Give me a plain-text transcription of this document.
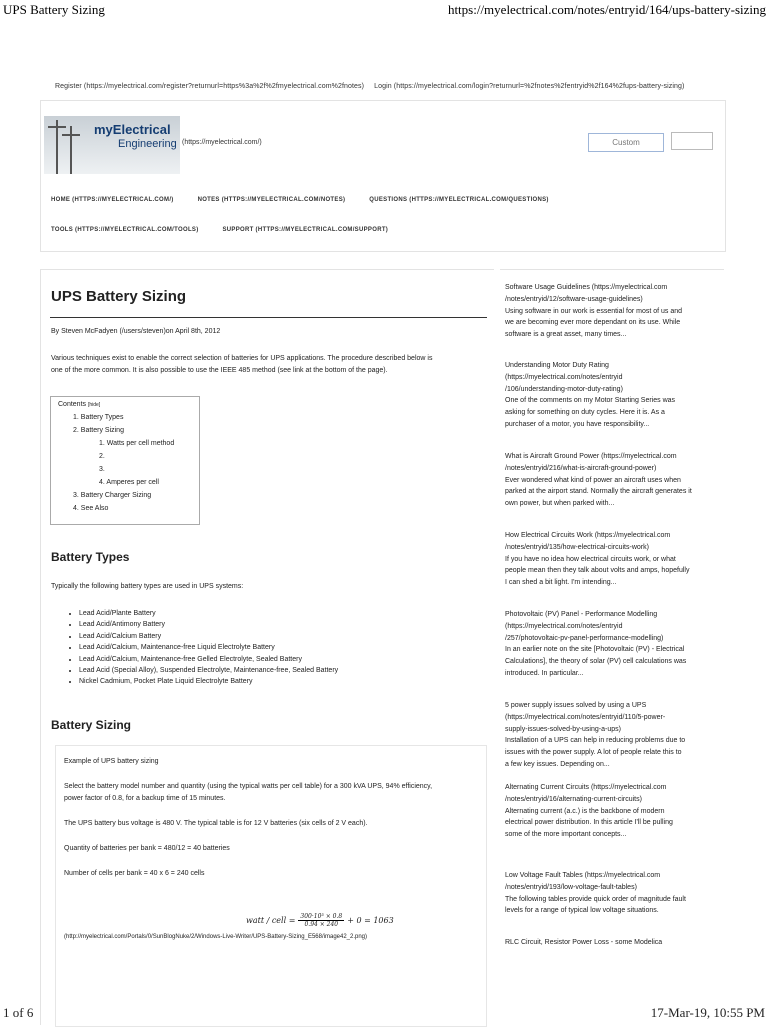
UPS Battery Sizing	https://myelectrical.com/notes/entryid/164/ups-battery-sizing
1 of 6	17-Mar-19, 10:55 PM
Register (https://myelectrical.com/register?returnurl=https%3a%2f%2fmyelectrical.com%2fnotes) Login (https://myelectrical.com/login?returnurl=%2fnotes%2fentryid%2f164%2fups-battery-sizing)
myElectrical
Engineering (https://myelectrical.com/)	Custom
HOME (HTTPS://MYELECTRICAL.COM/)	NOTES (HTTPS://MYELECTRICAL.COM/NOTES)	QUESTIONS (HTTPS://MYELECTRICAL.COM/QUESTIONS)
TOOLS (HTTPS://MYELECTRICAL.COM/TOOLS)	SUPPORT (HTTPS://MYELECTRICAL.COM/SUPPORT)
UPS Battery Sizing
By Steven McFadyen (/users/steven)on April 8th, 2012
Various techniques exist to enable the correct selection of batteries for UPS applications. The procedure described below is
one of the more common. It is also possible to use the IEEE 485 method (see link at the bottom of the page).
Contents [hide]
1. Battery Types
2. Battery Sizing
1. Watts per cell method
2.
3.
4. Amperes per cell
3. Battery Charger Sizing
4. See Also
Battery Types
Typically the following battery types are used in UPS systems:
• Lead Acid/Plante Battery
• Lead Acid/Antimony Battery
• Lead Acid/Calcium Battery
• Lead Acid/Calcium, Maintenance-free Liquid Electrolyte Battery
• Lead Acid/Calcium, Maintenance-free Gelled Electrolyte, Sealed Battery
• Lead Acid (Special Alloy), Suspended Electrolyte, Maintenance-free, Sealed Battery
• Nickel Cadmium, Pocket Plate Liquid Electrolyte Battery
Battery Sizing
Example of UPS battery sizing
Select the battery model number and quantity (using the typical watts per cell table) for a 300 kVA UPS, 94% efficiency,
power factor of 0.8, for a backup time of 15 minutes.
The UPS battery bus voltage is 480 V. The typical table is for 12 V batteries (six cells of 2 V each).
Quantity of batteries per bank = 480/12 = 40 batteries
Number of cells per bank = 40 x 6 = 240 cells
watt / cell = $\frac{\text{300·10³ × 0.8}}{0.94 \times 240} + 0 = 1063$
(http://myelectrical.com/Portals/0/SunBlogNuke/2/Windows-Live-Writer/UPS-Battery-Sizing_E568/image42_2.png)
Software Usage Guidelines (https://myelectrical.com
/notes/entryid/12/software-usage-guidelines)
Using software in our work is essential for most of us and
we are becoming ever more dependant on its use. While
software is a great asset, many times...
Understanding Motor Duty Rating
(https://myelectrical.com/notes/entryid
/106/understanding-motor-duty-rating)
One of the comments on my Motor Starting Series was
asking for something on duty cycles. Here it is. As a
purchaser of a motor, you have responsibility...
What is Aircraft Ground Power (https://myelectrical.com
/notes/entryid/216/what-is-aircraft-ground-power)
Ever wondered what kind of power an aircraft uses when
parked at the airport stand. Normally the aircraft generates it
own power, but when parked with...
How Electrical Circuits Work (https://myelectrical.com
/notes/entryid/135/how-electrical-circuits-work)
If you have no idea how electrical circuits work, or what
people mean then they talk about volts and amps, hopefully
I can shed a bit light. I'm intending...
Photovoltaic (PV) Panel - Performance Modelling
(https://myelectrical.com/notes/entryid
/257/photovoltaic-pv-panel-performance-modelling)
In an earlier note on the site [Photovoltaic (PV) - Electrical
Calculations], the theory of solar (PV) cell calculations was
introduced. In particular...
5 power supply issues solved by using a UPS
(https://myelectrical.com/notes/entryid/110/5-power-
supply-issues-solved-by-using-a-ups)
Installation of a UPS can help in reducing problems due to
issues with the power supply. A lot of people relate this to
a few key issues. Depending on...
Alternating Current Circuits (https://myelectrical.com
/notes/entryid/16/alternating-current-circuits)
Alternating current (a.c.) is the backbone of modern
electrical power distribution. In this article I'll be pulling
some of the more important concepts...
Low Voltage Fault Tables (https://myelectrical.com
/notes/entryid/193/low-voltage-fault-tables)
The following tables provide quick order of magnitude fault
levels for a range of typical low voltage situations.
RLC Circuit, Resistor Power Loss - some Modelica
